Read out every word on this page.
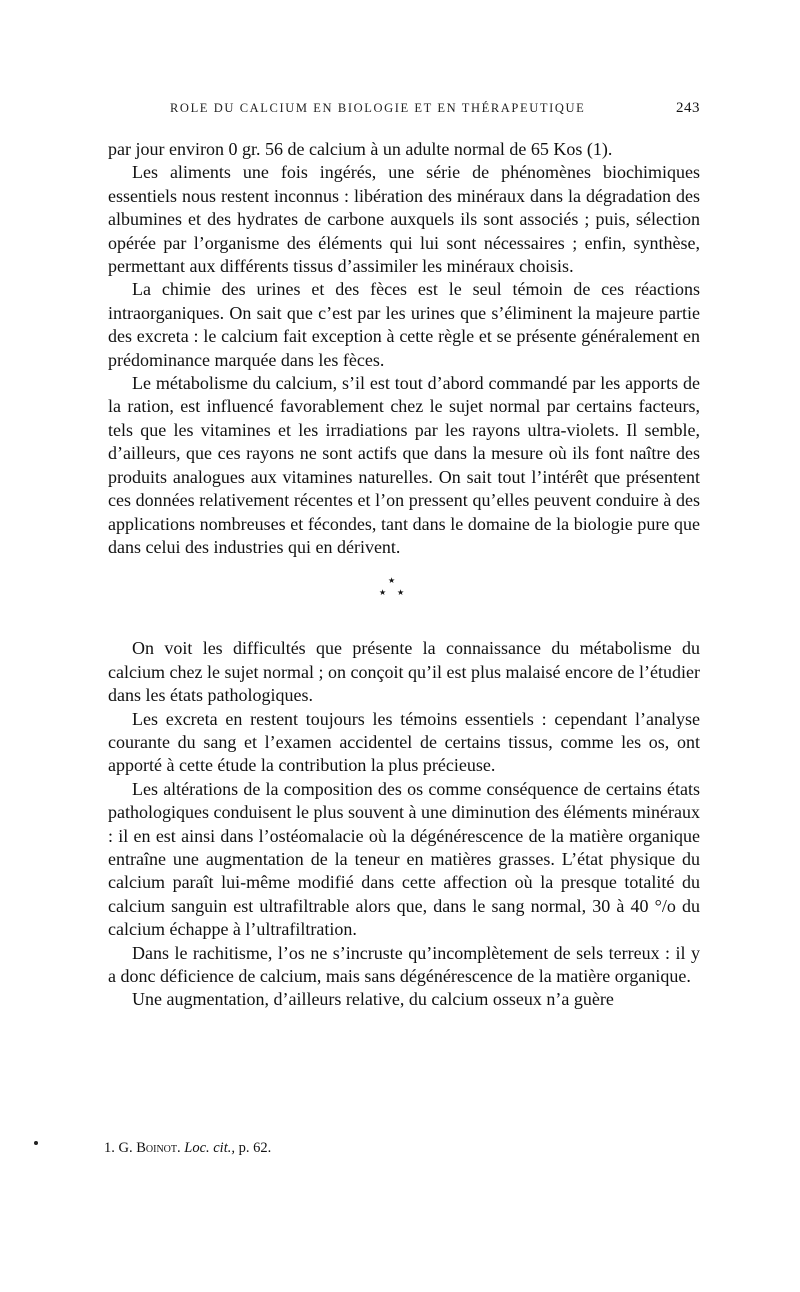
ROLE DU CALCIUM EN BIOLOGIE ET EN THÉRAPEUTIQUE	243

par jour environ 0 gr. 56 de calcium à un adulte normal de 65 Kos (1).

Les aliments une fois ingérés, une série de phénomènes biochimiques essentiels nous restent inconnus : libération des minéraux dans la dégradation des albumines et des hydrates de carbone auxquels ils sont associés ; puis, sélection opérée par l’organisme des éléments qui lui sont nécessaires ; enfin, synthèse, permettant aux différents tissus d’assimiler les minéraux choisis.

La chimie des urines et des fèces est le seul témoin de ces réactions intraorganiques. On sait que c’est par les urines que s’éliminent la majeure partie des excreta : le calcium fait exception à cette règle et se présente généralement en prédominance marquée dans les fèces.

Le métabolisme du calcium, s’il est tout d’abord commandé par les apports de la ration, est influencé favorablement chez le sujet normal par certains facteurs, tels que les vitamines et les irradiations par les rayons ultra-violets. Il semble, d’ailleurs, que ces rayons ne sont actifs que dans la mesure où ils font naître des produits analogues aux vitamines naturelles. On sait tout l’intérêt que présentent ces données relativement récentes et l’on pressent qu’elles peuvent conduire à des applications nombreuses et fécondes, tant dans le domaine de la biologie pure que dans celui des industries qui en dérivent.

★
★ ★

On voit les difficultés que présente la connaissance du métabolisme du calcium chez le sujet normal ; on conçoit qu’il est plus malaisé encore de l’étudier dans les états pathologiques.

Les excreta en restent toujours les témoins essentiels : cependant l’analyse courante du sang et l’examen accidentel de certains tissus, comme les os, ont apporté à cette étude la contribution la plus précieuse.

Les altérations de la composition des os comme conséquence de certains états pathologiques conduisent le plus souvent à une diminution des éléments minéraux : il en est ainsi dans l’ostéomalacie où la dégénérescence de la matière organique entraîne une augmentation de la teneur en matières grasses. L’état physique du calcium paraît lui-même modifié dans cette affection où la presque totalité du calcium sanguin est ultrafiltrable alors que, dans le sang normal, 30 à 40 °/o du calcium échappe à l’ultrafiltration.

Dans le rachitisme, l’os ne s’incruste qu’incomplètement de sels terreux : il y a donc déficience de calcium, mais sans dégénérescence de la matière organique.

Une augmentation, d’ailleurs relative, du calcium osseux n’a guère

1. G. Boinot. Loc. cit., p. 62.
